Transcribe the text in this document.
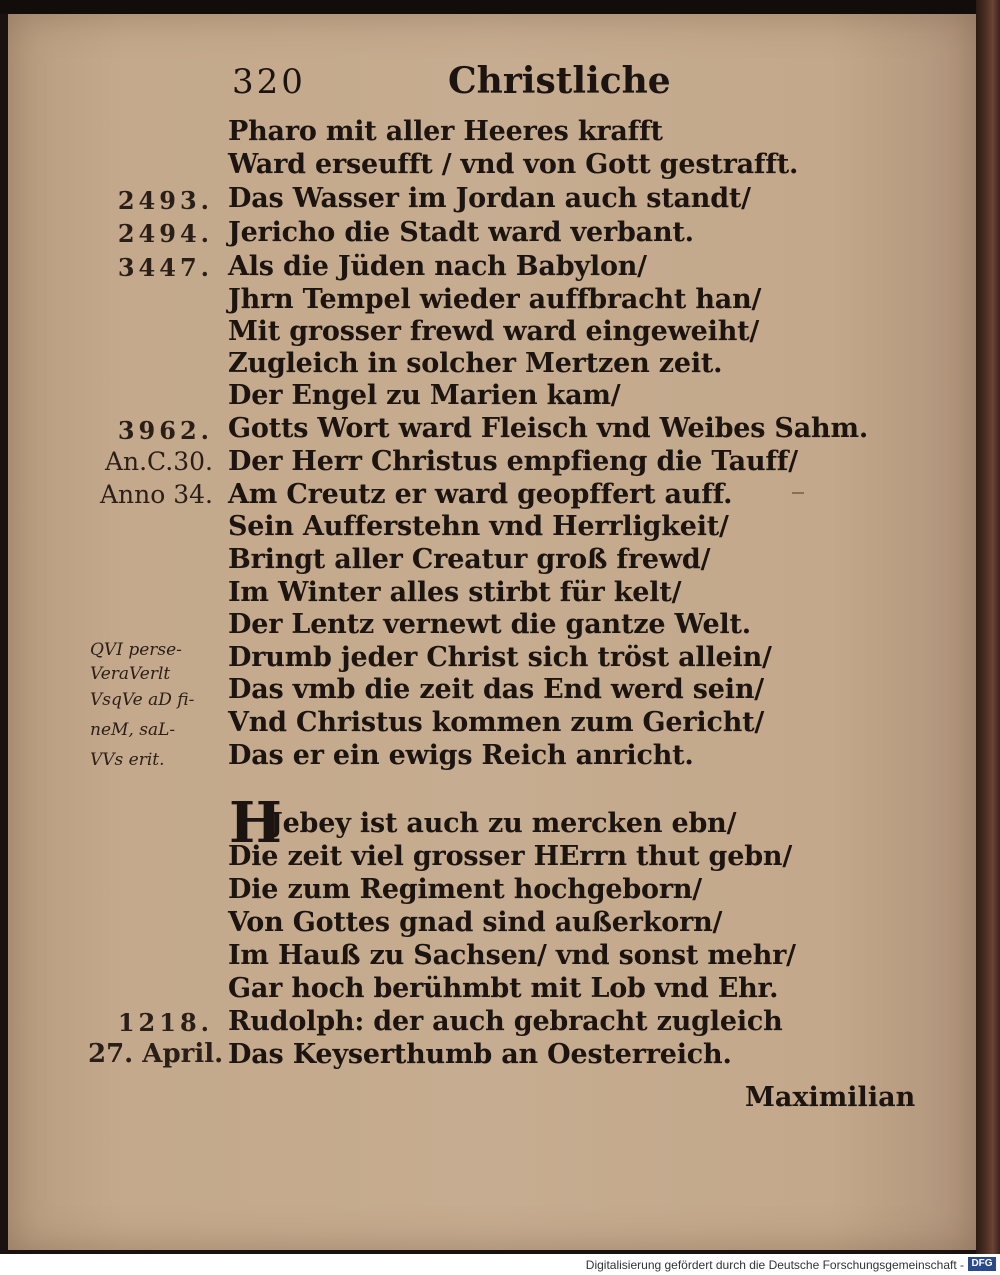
320	Christliche
Pharo mit aller Heeres krafft
Ward erseufft / vnd von Gott gestrafft.
Das Wasser im Jordan auch standt/
Jericho die Stadt ward verbant.
Als die Jüden nach Babylon/
Jhrn Tempel wieder auffbracht han/
Mit grosser frewd ward eingeweiht/
Zugleich in solcher Mertzen zeit.
Der Engel zu Marien kam/
Gotts Wort ward Fleisch vnd Weibes Sahm.
Der Herr Christus empfieng die Tauff/
Am Creutz er ward geopffert auff.
Sein Aufferstehn vnd Herrligkeit/
Bringt aller Creatur groß frewd/
Im Winter alles stirbt für kelt/
Der Lentz vernewt die gantze Welt.
Drumb jeder Christ sich tröst allein/
Das vmb die zeit das End werd sein/
Vnd Christus kommen zum Gericht/
Das er ein ewigs Reich anricht.
H
Jebey ist auch zu mercken ebn/
Die zeit viel grosser HErrn thut gebn/
Die zum Regiment hochgeborn/
Von Gottes gnad sind außerkorn/
Im Hauß zu Sachsen/ vnd sonst mehr/
Gar hoch berühmbt mit Lob vnd Ehr.
Rudolph: der auch gebracht zugleich
Das Keyserthumb an Oesterreich.
2493.
2494.
3447.
3962.
An.C.30.
Anno 34.
QVI perse-
VeraVerlt
VsqVe aD fi-
neM, saL-
VVs erit.
1218.
27. April.
Maximilian
Digitalisierung gefördert durch die Deutsche Forschungsgemeinschaft - DFG
